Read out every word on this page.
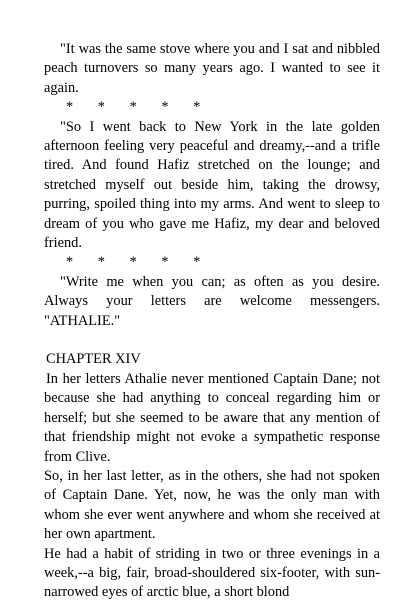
"It was the same stove where you and I sat and nibbled peach turnovers so many years ago. I wanted to see it again.

* * * * *

"So I went back to New York in the late golden afternoon feeling very peaceful and dreamy,--and a trifle tired. And found Hafiz stretched on the lounge; and stretched myself out beside him, taking the drowsy, purring, spoiled thing into my arms. And went to sleep to dream of you who gave me Hafiz, my dear and beloved friend.

* * * * *

"Write me when you can; as often as you desire. Always your letters are welcome messengers. "ATHALIE."

CHAPTER XIV

In her letters Athalie never mentioned Captain Dane; not because she had anything to conceal regarding him or herself; but she seemed to be aware that any mention of that friendship might not evoke a sympathetic response from Clive.

So, in her last letter, as in the others, she had not spoken of Captain Dane. Yet, now, he was the only man with whom she ever went anywhere and whom she received at her own apartment.

He had a habit of striding in two or three evenings in a week,--a big, fair, broad-shouldered six-footer, with sun-narrowed eyes of arctic blue, a short blond
